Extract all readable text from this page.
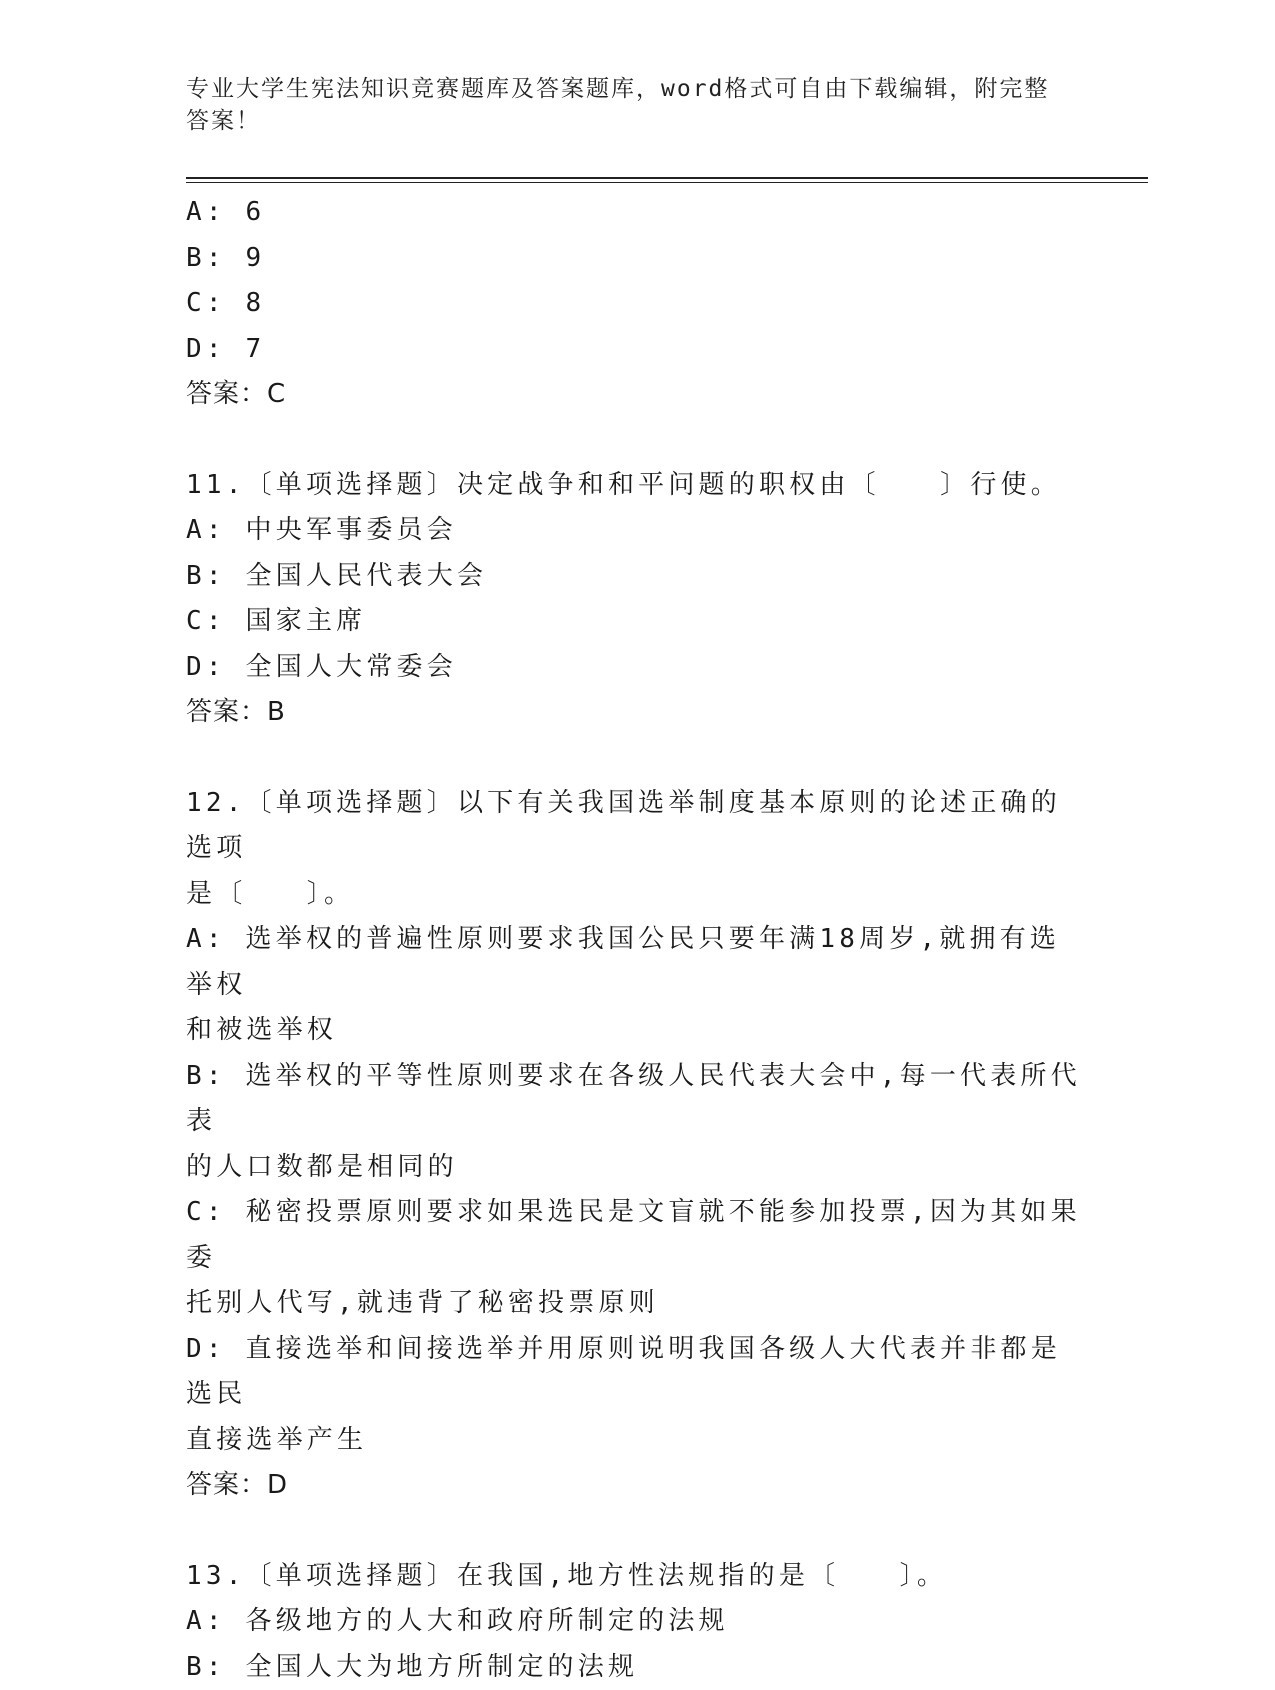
专业大学生宪法知识竞赛题库及答案题库，word格式可自由下载编辑，附完整答案！
A: 6
B: 9
C: 8
D: 7
答案：C
11.〔单项选择题〕决定战争和和平问题的职权由〔　　〕行使。
A: 中央军事委员会
B: 全国人民代表大会
C: 国家主席
D: 全国人大常委会
答案：B
12.〔单项选择题〕以下有关我国选举制度基本原则的论述正确的选项
是〔　　〕。
A: 选举权的普遍性原则要求我国公民只要年满18周岁,就拥有选举权
和被选举权
B: 选举权的平等性原则要求在各级人民代表大会中,每一代表所代表
的人口数都是相同的
C: 秘密投票原则要求如果选民是文盲就不能参加投票,因为其如果委
托别人代写,就违背了秘密投票原则
D: 直接选举和间接选举并用原则说明我国各级人大代表并非都是选民
直接选举产生
答案：D
13.〔单项选择题〕在我国,地方性法规指的是〔　　〕。
A: 各级地方的人大和政府所制定的法规
B: 全国人大为地方所制定的法规
